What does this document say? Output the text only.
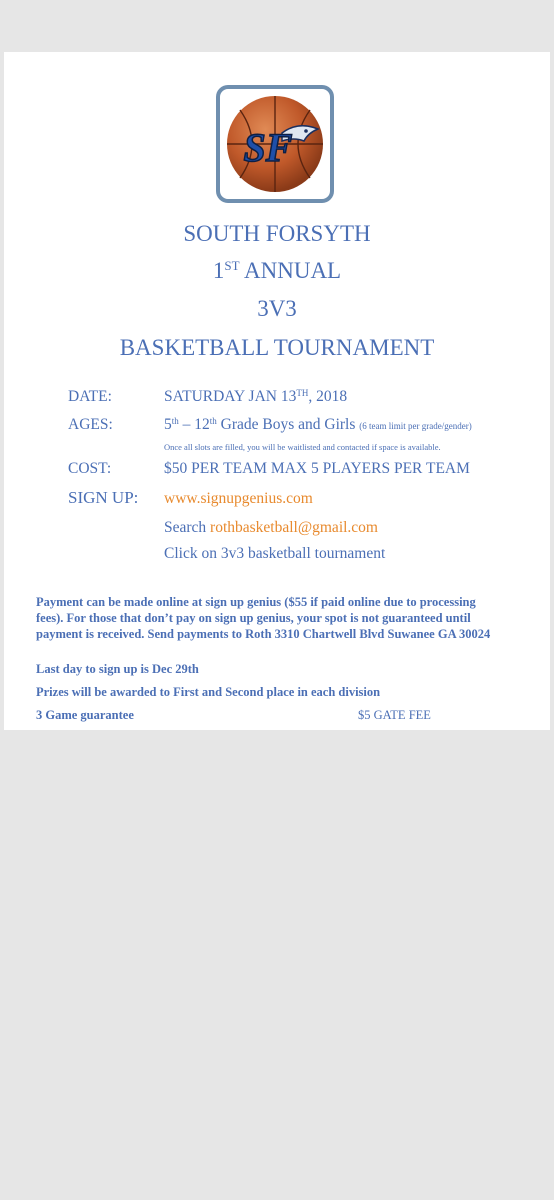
SF

SOUTH FORSYTH

1ST ANNUAL

3V3

BASKETBALL TOURNAMENT

DATE:	SATURDAY JAN 13TH, 2018
AGES:	5th – 12th Grade Boys and Girls (6 team limit per grade/gender)
Once all slots are filled, you will be waitlisted and contacted if space is available.
COST:	$50 PER TEAM MAX 5 PLAYERS PER TEAM
SIGN UP: www.signupgenius.com
Search rothbasketball@gmail.com
Click on 3v3 basketball tournament

Payment can be made online at sign up genius ($55 if paid online due to processing fees). For those that don’t pay on sign up genius, your spot is not guaranteed until payment is received. Send payments to Roth 3310 Chartwell Blvd Suwanee GA 30024

Last day to sign up is Dec 29th

Prizes will be awarded to First and Second place in each division

3 Game guarantee	$5 GATE FEE
